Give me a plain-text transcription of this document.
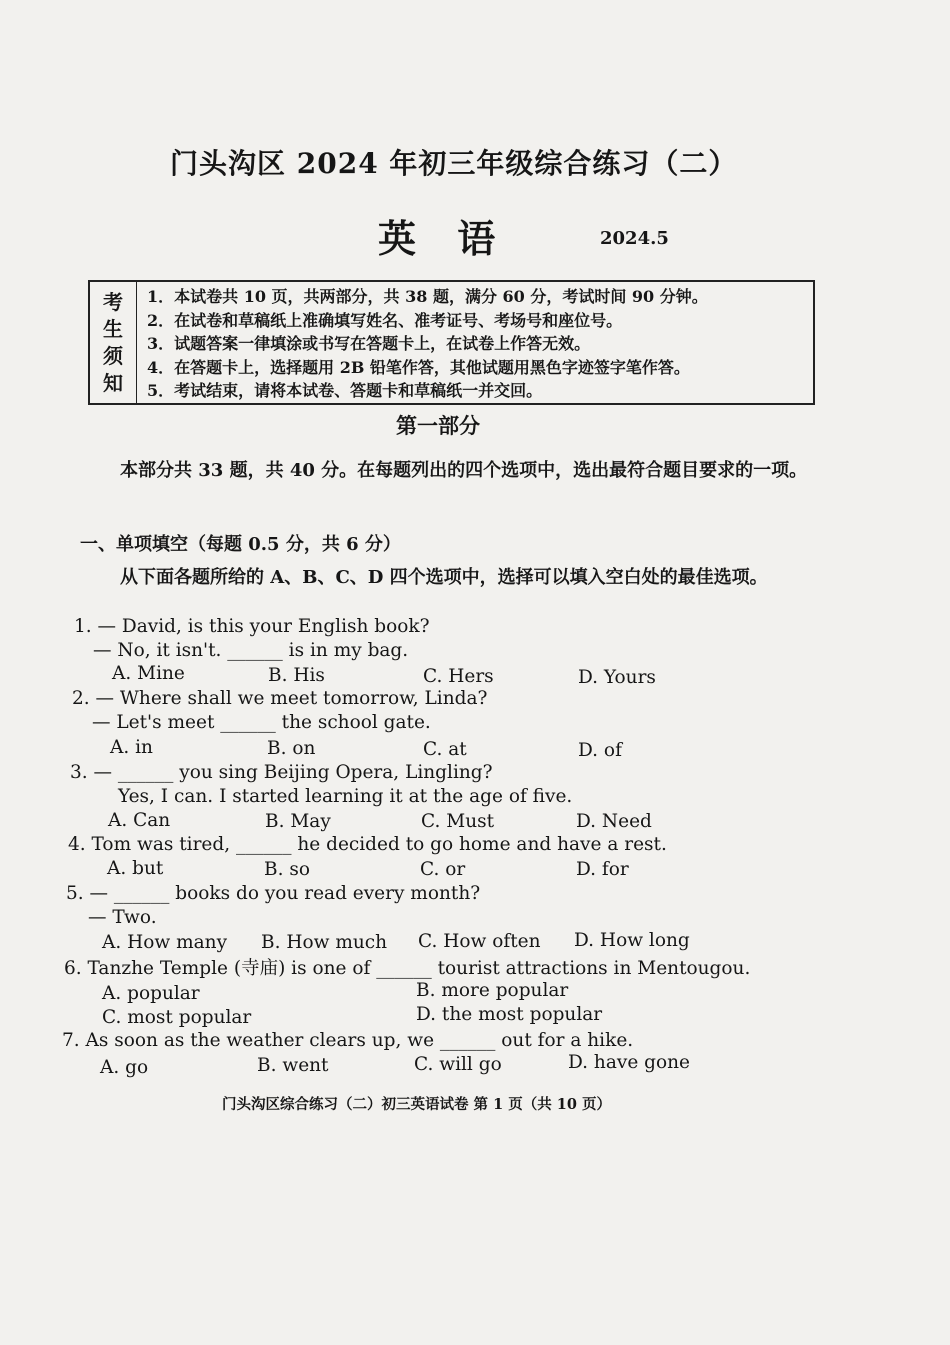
门头沟区 2024 年初三年级综合练习（二）
英 语	2024.5
考
生
须
知
1．本试卷共 10 页，共两部分，共 38 题，满分 60 分，考试时间 90 分钟。
2．在试卷和草稿纸上准确填写姓名、准考证号、考场号和座位号。
3．试题答案一律填涂或书写在答题卡上，在试卷上作答无效。
4．在答题卡上，选择题用 2B 铅笔作答，其他试题用黑色字迹签字笔作答。
5．考试结束，请将本试卷、答题卡和草稿纸一并交回。
第一部分
本部分共 33 题，共 40 分。在每题列出的四个选项中，选出最符合题目要求的一项。
一、单项填空（每题 0.5 分，共 6 分）
从下面各题所给的 A、B、C、D 四个选项中，选择可以填入空白处的最佳选项。
1. — David, is this your English book?
— No, it isn't. ______ is in my bag.
A. Mine	B. His	C. Hers	D. Yours
2. — Where shall we meet tomorrow, Linda?
— Let's meet ______ the school gate.
A. in	B. on	C. at	D. of
3. — ______ you sing Beijing Opera, Lingling?
Yes, I can. I started learning it at the age of five.
A. Can	B. May	C. Must	D. Need
4. Tom was tired, ______ he decided to go home and have a rest.
A. but	B. so	C. or	D. for
5. — ______ books do you read every month?
— Two.
A. How many B. How much C. How often D. How long
6. Tanzhe Temple (寺庙) is one of ______ tourist attractions in Mentougou.
A. popular	B. more popular
C. most popular	D. the most popular
7. As soon as the weather clears up, we ______ out for a hike.
A. go	B. went	C. will go	D. have gone
门头沟区综合练习（二）初三英语试卷 第 1 页（共 10 页）
